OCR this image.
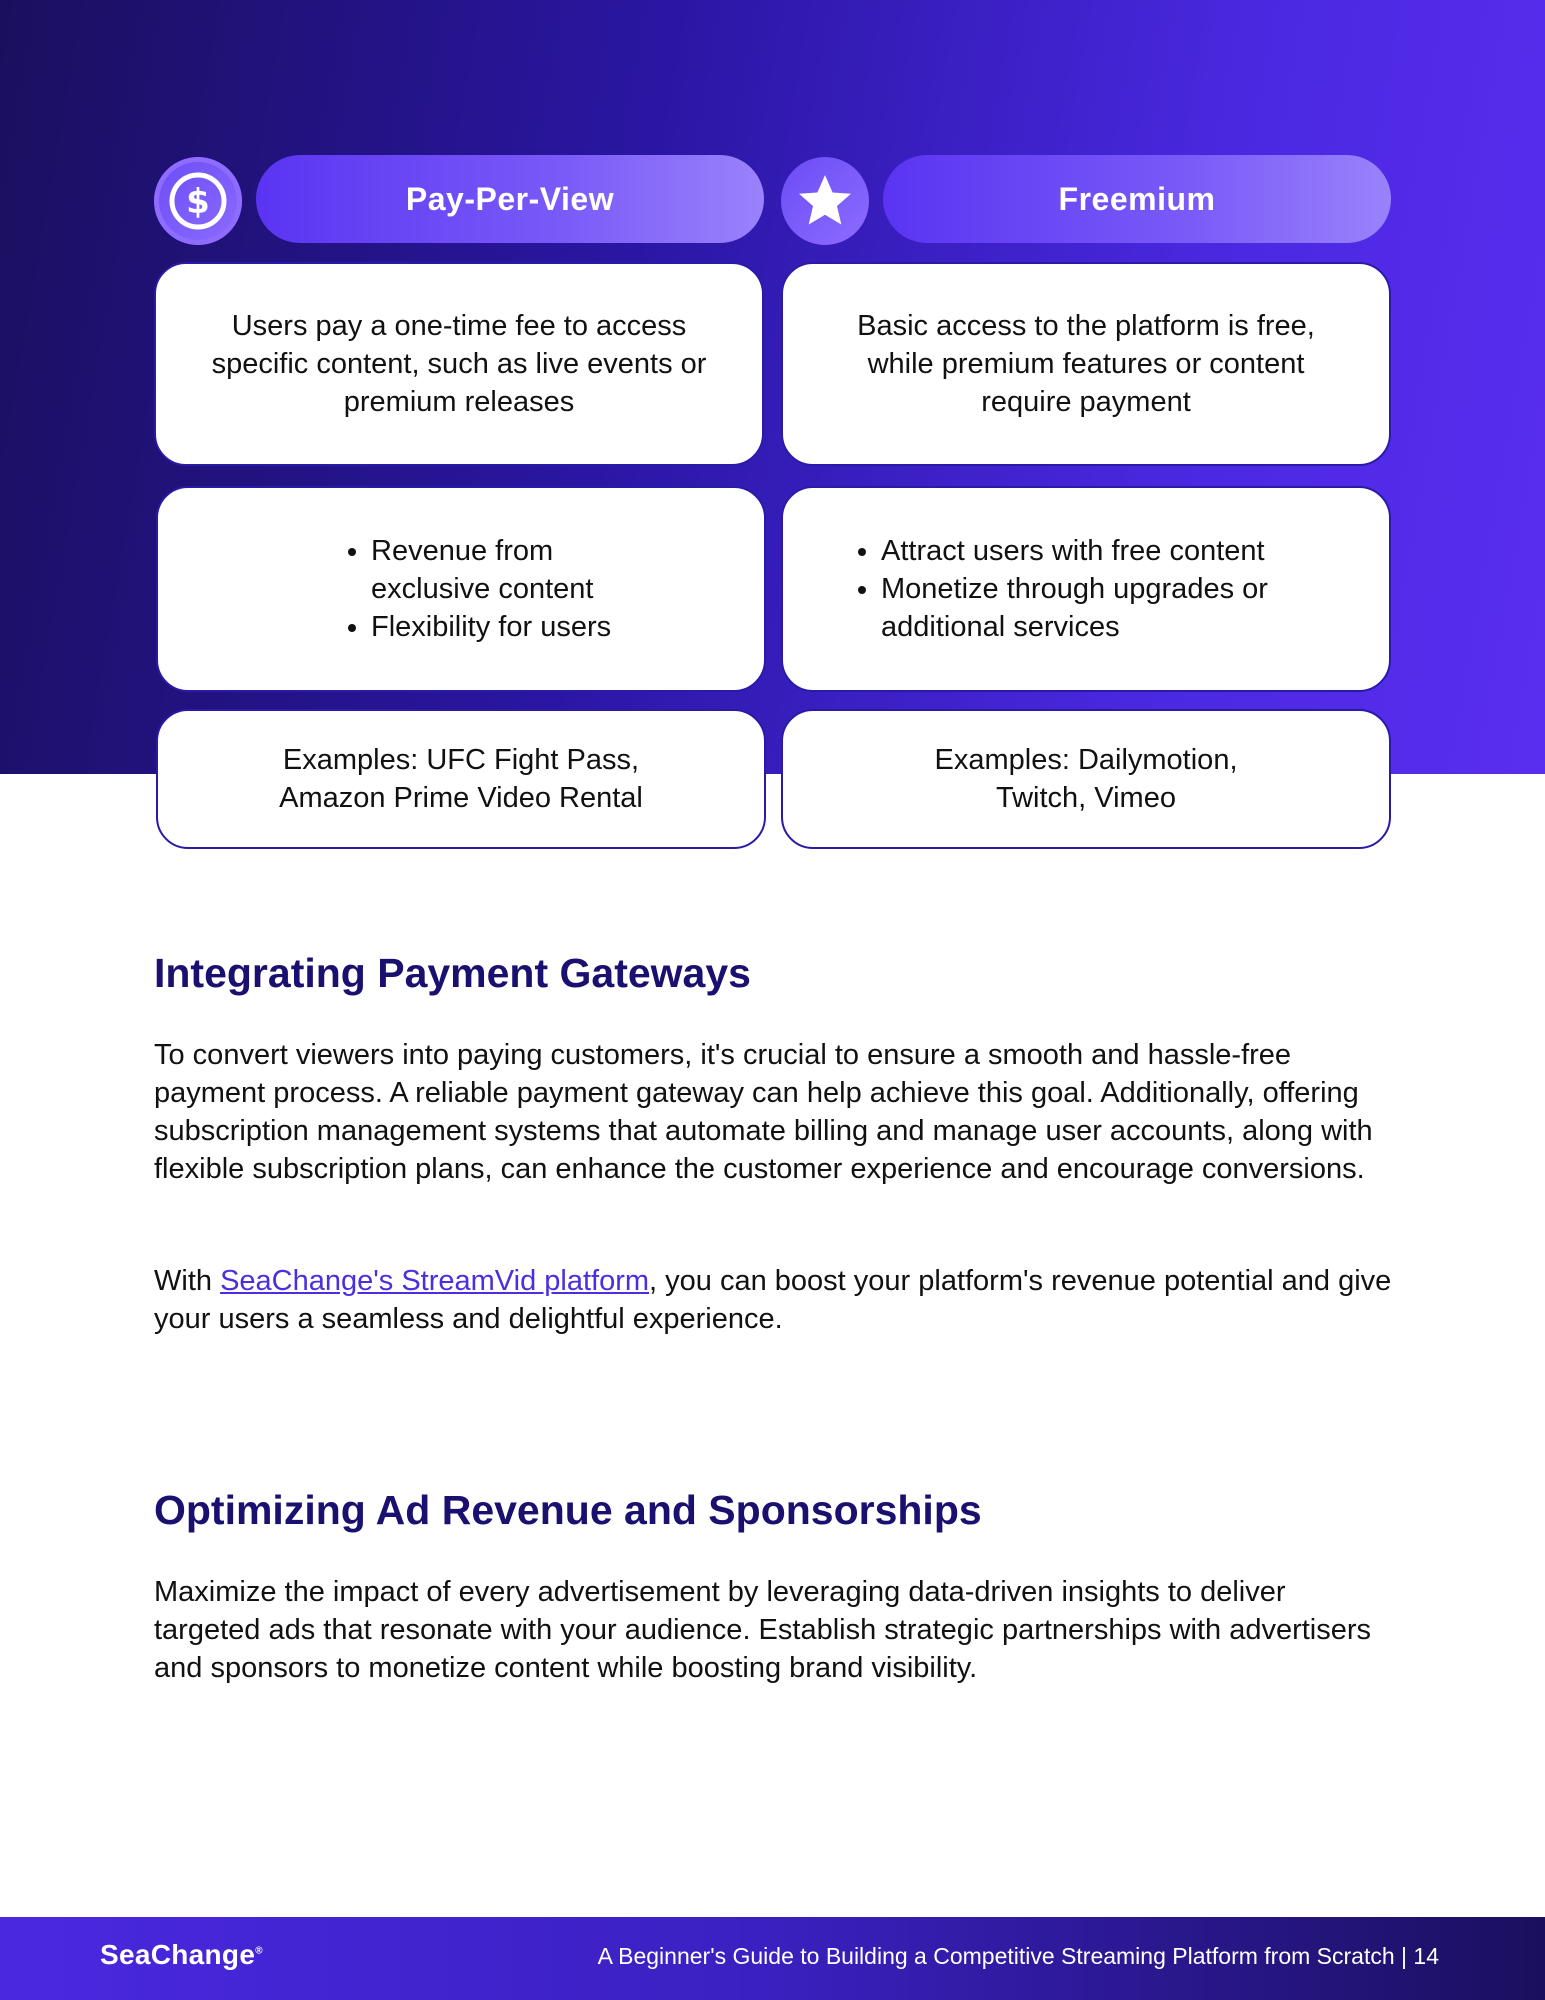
$	Pay-Per-View	Freemium

Users pay a one-time fee to access specific content, such as live events or premium releases

• Revenue from exclusive content
• Flexibility for users

Examples: UFC Fight Pass, Amazon Prime Video Rental

Basic access to the platform is free, while premium features or content require payment

• Attract users with free content
• Monetize through upgrades or additional services

Examples: Dailymotion, Twitch, Vimeo

Integrating Payment Gateways

To convert viewers into paying customers, it's crucial to ensure a smooth and hassle-free payment process. A reliable payment gateway can help achieve this goal. Additionally, offering subscription management systems that automate billing and manage user accounts, along with flexible subscription plans, can enhance the customer experience and encourage conversions.

With SeaChange's StreamVid platform, you can boost your platform's revenue potential and give your users a seamless and delightful experience.

Optimizing Ad Revenue and Sponsorships

Maximize the impact of every advertisement by leveraging data-driven insights to deliver targeted ads that resonate with your audience. Establish strategic partnerships with advertisers and sponsors to monetize content while boosting brand visibility.

SeaChange®	A Beginner's Guide to Building a Competitive Streaming Platform from Scratch | 14
